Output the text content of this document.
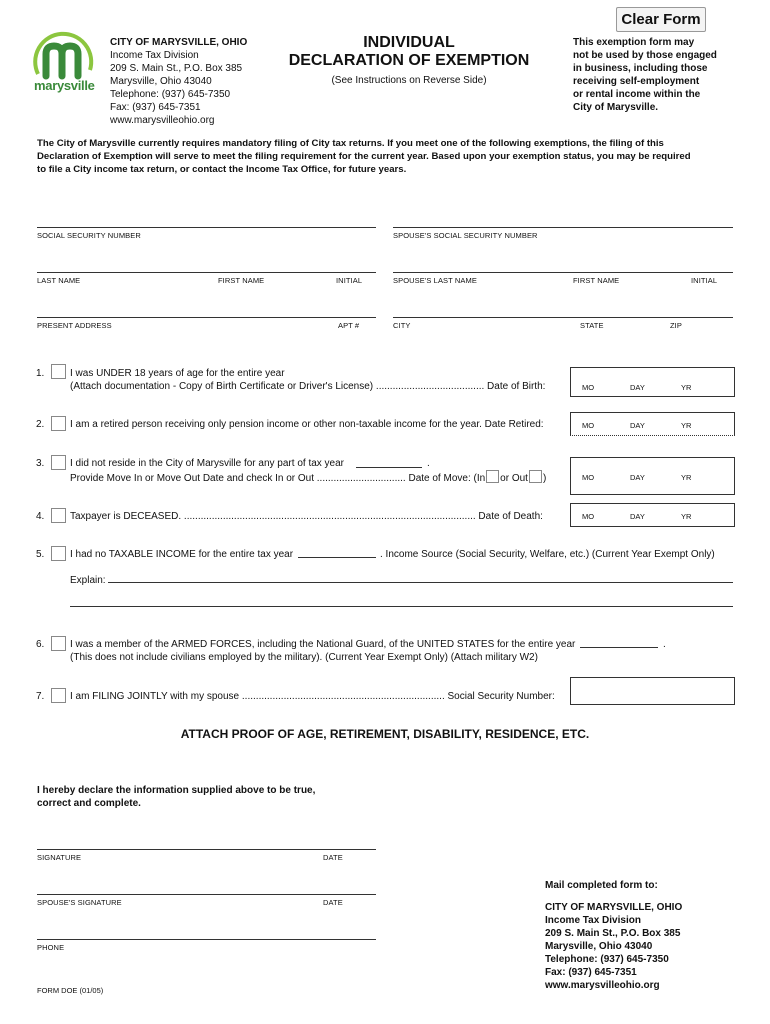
Clear Form
marysville
CITY OF MARYSVILLE, OHIO
Income Tax Division
209 S. Main St., P.O. Box 385
Marysville, Ohio 43040
Telephone: (937) 645-7350
Fax: (937) 645-7351
www.marysvilleohio.org
INDIVIDUAL
DECLARATION OF EXEMPTION
(See Instructions on Reverse Side)
This exemption form may
not be used by those engaged
in business, including those
receiving self-employment
or rental income within the
City of Marysville.
The City of Marysville currently requires mandatory filing of City tax returns. If you meet one of the following exemptions, the filing of this
Declaration of Exemption will serve to meet the filing requirement for the current year. Based upon your exemption status, you may be required
to file a City income tax return, or contact the Income Tax Office, for future years.
SOCIAL SECURITY NUMBER	SPOUSE'S SOCIAL SECURITY NUMBER
LAST NAME	FIRST NAME	INITIAL	SPOUSE'S LAST NAME	FIRST NAME	INITIAL
PRESENT ADDRESS	APT #	CITY	STATE	ZIP
1.	I was UNDER 18 years of age for the entire year
(Attach documentation - Copy of Birth Certificate or Driver's License) ....................................... Date of Birth:	MO	DAY	YR
2.	I am a retired person receiving only pension income or other non-taxable income for the year. Date Retired:	MO	DAY	YR
3.	I did not reside in the City of Marysville for any part of tax year	.
Provide Move In or Move Out Date and check In or Out ................................ Date of Move: (In or Out )	MO	DAY	YR
4.	Taxpayer is DECEASED. ......................................................................................................... Date of Death:	MO	DAY	YR
5.	I had no TAXABLE INCOME for the entire tax year	. Income Source (Social Security, Welfare, etc.) (Current Year Exempt Only)
Explain:
6.	I was a member of the ARMED FORCES, including the National Guard, of the UNITED STATES for the entire year	.
(This does not include civilians employed by the military). (Current Year Exempt Only) (Attach military W2)
7.	I am FILING JOINTLY with my spouse ......................................................................... Social Security Number:
ATTACH PROOF OF AGE, RETIREMENT, DISABILITY, RESIDENCE, ETC.
I hereby declare the information supplied above to be true,
correct and complete.
SIGNATURE	DATE
SPOUSE'S SIGNATURE	DATE
PHONE
Mail completed form to:
CITY OF MARYSVILLE, OHIO
Income Tax Division
209 S. Main St., P.O. Box 385
Marysville, Ohio 43040
Telephone: (937) 645-7350
Fax: (937) 645-7351
www.marysvilleohio.org
FORM DOE (01/05)
